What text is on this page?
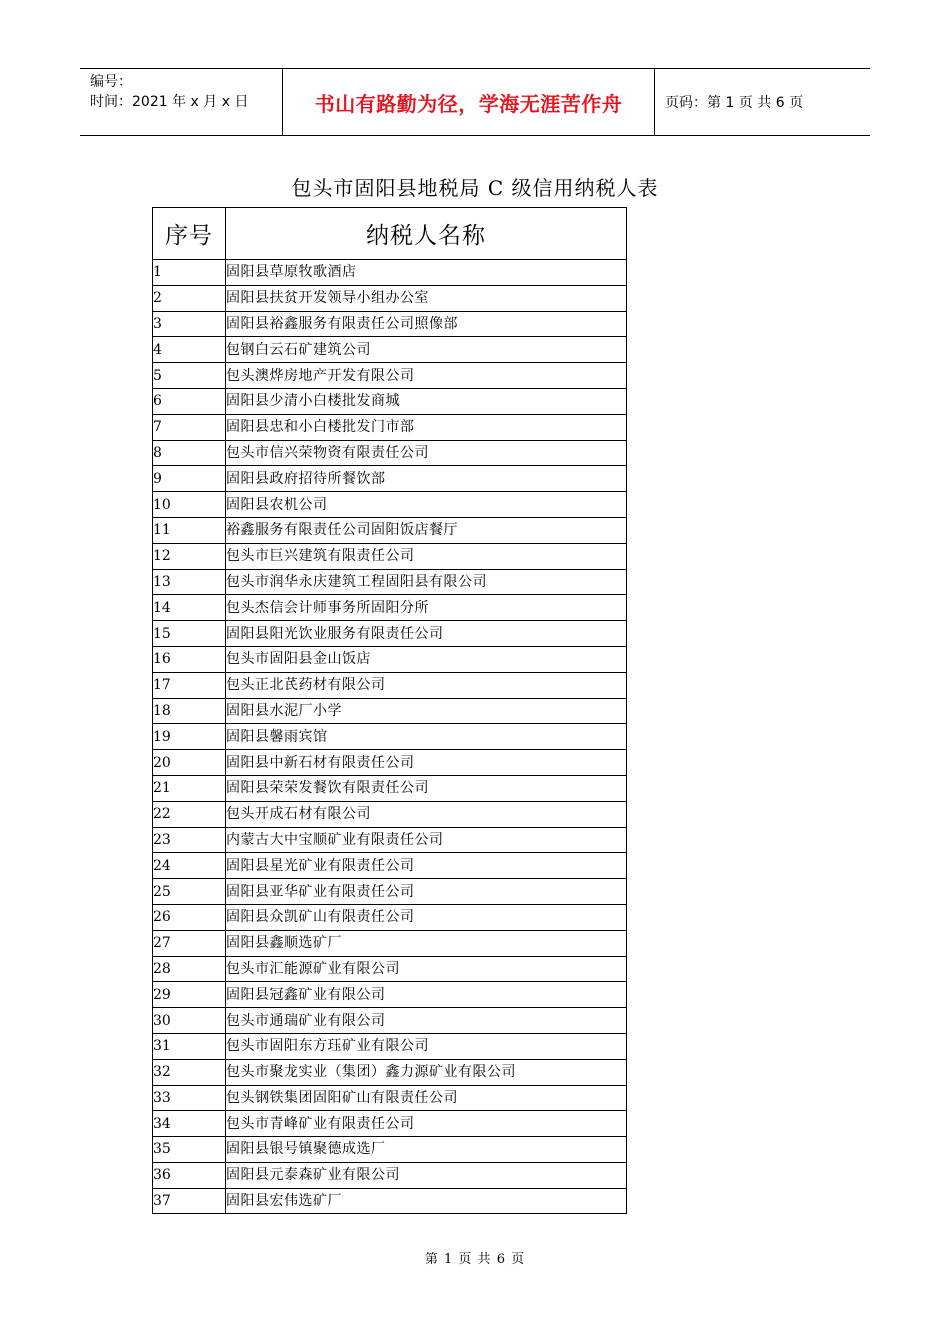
编号：
时间：2021 年 x 月 x 日	书山有路勤为径，学海无涯苦作舟	页码：第 1 页 共 6 页
包头市固阳县地税局 C 级信用纳税人表
序号	纳税人名称
1	固阳县草原牧歌酒店
2	固阳县扶贫开发领导小组办公室
3	固阳县裕鑫服务有限责任公司照像部
4	包钢白云石矿建筑公司
5	包头澳烨房地产开发有限公司
6	固阳县少清小白楼批发商城
7	固阳县忠和小白楼批发门市部
8	包头市信兴荣物资有限责任公司
9	固阳县政府招待所餐饮部
10	固阳县农机公司
11	裕鑫服务有限责任公司固阳饭店餐厅
12	包头市巨兴建筑有限责任公司
13	包头市润华永庆建筑工程固阳县有限公司
14	包头杰信会计师事务所固阳分所
15	固阳县阳光饮业服务有限责任公司
16	包头市固阳县金山饭店
17	包头正北芪药材有限公司
18	固阳县水泥厂小学
19	固阳县馨雨宾馆
20	固阳县中新石材有限责任公司
21	固阳县荣荣发餐饮有限责任公司
22	包头开成石材有限公司
23	内蒙古大中宝顺矿业有限责任公司
24	固阳县星光矿业有限责任公司
25	固阳县亚华矿业有限责任公司
26	固阳县众凯矿山有限责任公司
27	固阳县鑫顺选矿厂
28	包头市汇能源矿业有限公司
29	固阳县冠鑫矿业有限公司
30	包头市通瑞矿业有限公司
31	包头市固阳东方珏矿业有限公司
32	包头市聚龙实业（集团）鑫力源矿业有限公司
33	包头钢铁集团固阳矿山有限责任公司
34	包头市青峰矿业有限责任公司
35	固阳县银号镇聚德成选厂
36	固阳县元泰森矿业有限公司
37	固阳县宏伟选矿厂
第 1 页 共 6 页
